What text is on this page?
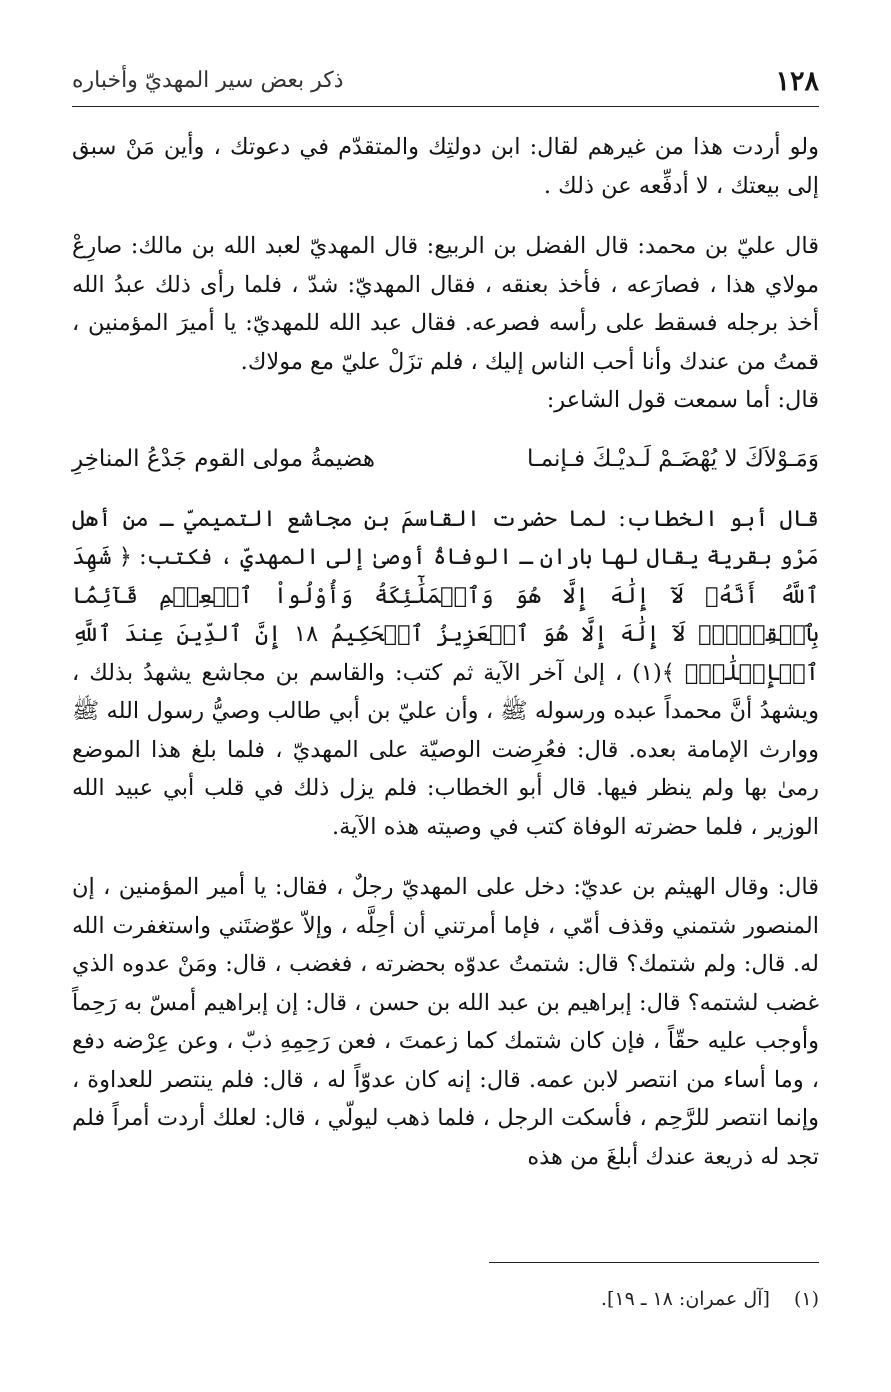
١٢٨
ذكر بعض سير المهديّ وأخباره

ولو أردت هذا من غيرهم لقال: ابن دولتِك والمتقدّم في دعوتك ، وأين مَنْ سبق إلى بيعتك ، لا أدفِّعه عن ذلك .

قال عليّ بن محمد: قال الفضل بن الربيع: قال المهديّ لعبد الله بن مالك: صارِعْ مولاي هذا ، فصارَعه ، فأخذ بعنقه ، فقال المهديّ: شدّ ، فلما رأى ذلك عبدُ الله أخذ برجله فسقط على رأسه فصرعه. فقال عبد الله للمهديّ: يا أميرَ المؤمنين ، قمتُ من عندك وأنا أحب الناس إليك ، فلم تزَلْ عليّ مع مولاك.

قال: أما سمعت قول الشاعر:

وَمَـوْلاَكَ لا يُهْضَـمْ لَـديْـكَ فـإنمـا
هضيمةُ مولى القوم جَدْعُ المناخِرِ

قال أبو الخطاب: لما حضرت القاسمَ بن مجاشع التميميّ ـ من أهل مَرْو بقرية يقال لها باران ـ الوفاةُ أوصىٰ إلى المهديّ ، فكتب: ﴿ شَهِدَ ٱللَّهُ أَنَّهُۥ لَآ إِلَٰهَ إِلَّا هُوَ وَٱلۡمَلَٰٓئِكَةُ وَأُوْلُواْ ٱلۡعِلۡمِ قَآئِمَۢا بِٱلۡقِسۡطِۚ لَآ إِلَٰهَ إِلَّا هُوَ ٱلۡعَزِيزُ ٱلۡحَكِيمُ ١٨ إِنَّ ٱلدِّينَ عِندَ ٱللَّهِ ٱلۡإِسۡلَٰمُۗ ﴾(١) ، إلىٰ آخر الآية ثم كتب: والقاسم بن مجاشع يشهدُ بذلك ، ويشهدُ أنَّ محمداً عبده ورسوله ﷺ ، وأن عليّ بن أبي طالب وصيُّ رسول الله ﷺ ووارث الإمامة بعده. قال: فعُرِضت الوصيّة على المهديّ ، فلما بلغ هذا الموضع رمىٰ بها ولم ينظر فيها. قال أبو الخطاب: فلم يزل ذلك في قلب أبي عبيد الله الوزير ، فلما حضرته الوفاة كتب في وصيته هذه الآية.

قال: وقال الهيثم بن عديّ: دخل على المهديّ رجلٌ ، فقال: يا أمير المؤمنين ، إن المنصور شتمني وقذف أمّي ، فإما أمرتني أن أحِلَّه ، وإلاّ عوّضتَني واستغفرت الله له. قال: ولم شتمك؟ قال: شتمتُ عدوّه بحضرته ، فغضب ، قال: ومَنْ عدوه الذي غضب لشتمه؟ قال: إبراهيم بن عبد الله بن حسن ، قال: إن إبراهيم أمسّ به رَحِماً وأوجب عليه حقّاً ، فإن كان شتمك كما زعمتَ ، فعن رَحِمِهِ ذبّ ، وعن عِرْضه دفع ، وما أساء من انتصر لابن عمه. قال: إنه كان عدوّاً له ، قال: فلم ينتصر للعداوة ، وإنما انتصر للرَّحِم ، فأسكت الرجل ، فلما ذهب ليولّي ، قال: لعلك أردت أمراً فلم تجد له ذريعة عندك أبلغَ من هذه

(١) [آل عمران: ١٨ ـ ١٩].
